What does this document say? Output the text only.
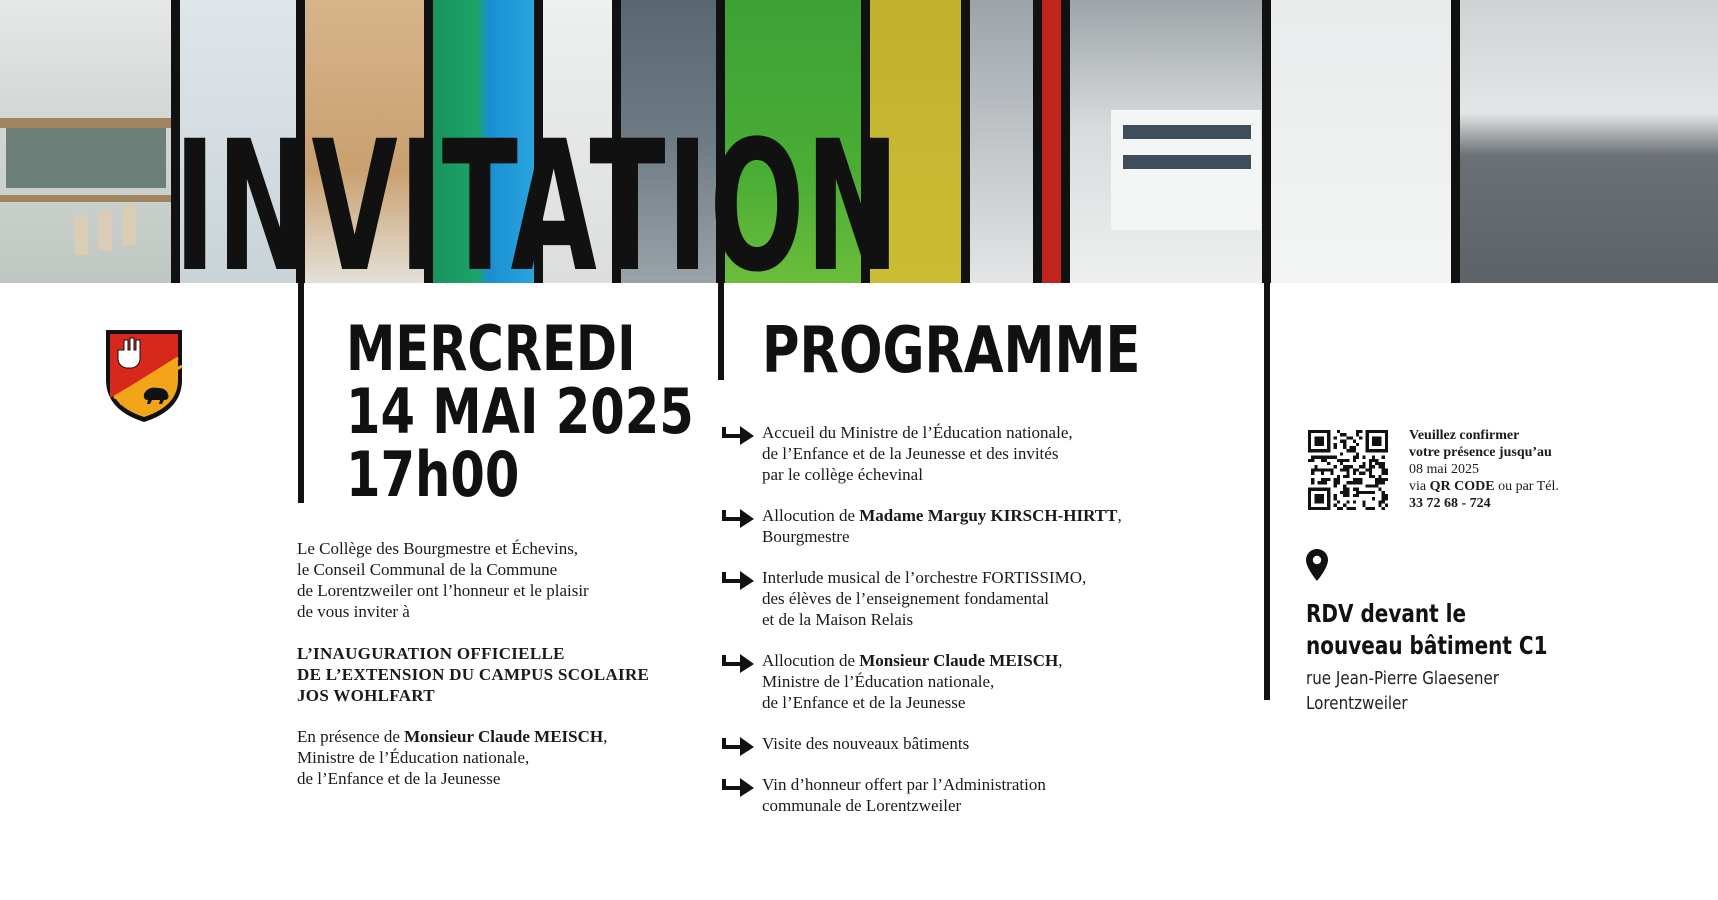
INVITATION
MERCREDI
14 MAI 2025
17h00
Le Collège des Bourgmestre et Échevins,
le Conseil Communal de la Commune
de Lorentzweiler ont l’honneur et le plaisir
de vous inviter à
L’INAUGURATION OFFICIELLE
DE L’EXTENSION DU CAMPUS SCOLAIRE
JOS WOHLFART
En présence de Monsieur Claude MEISCH,
Ministre de l’Éducation nationale,
de l’Enfance et de la Jeunesse
PROGRAMME
Accueil du Ministre de l’Éducation nationale,
de l’Enfance et de la Jeunesse et des invités
par le collège échevinal
Allocution de Madame Marguy KIRSCH-HIRTT,
Bourgmestre
Interlude musical de l’orchestre FORTISSIMO,
des élèves de l’enseignement fondamental
et de la Maison Relais
Allocution de Monsieur Claude MEISCH,
Ministre de l’Éducation nationale,
de l’Enfance et de la Jeunesse
Visite des nouveaux bâtiments
Vin d’honneur offert par l’Administration
communale de Lorentzweiler
Veuillez confirmer
votre présence jusqu’au
08 mai 2025
via QR CODE ou par Tél.
33 72 68 - 724
RDV devant le
nouveau bâtiment C1
rue Jean-Pierre Glaesener
Lorentzweiler
